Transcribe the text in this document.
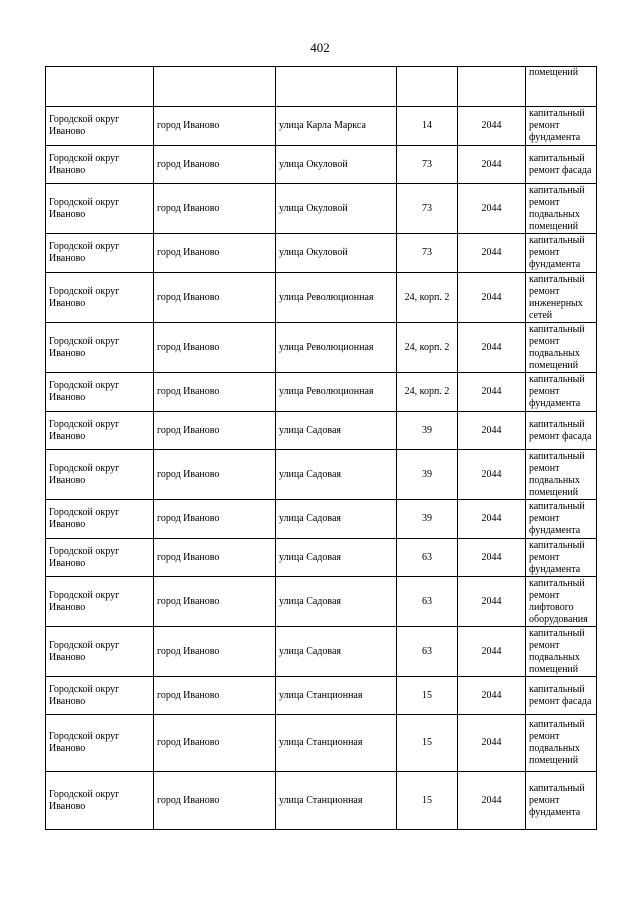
402
					помещений
Городской округ Иваново	город Иваново	улица Карла Маркса	14	2044	капитальный ремонт фундамента
Городской округ Иваново	город Иваново	улица Окуловой	73	2044	капитальный ремонт фасада
Городской округ Иваново	город Иваново	улица Окуловой	73	2044	капитальный ремонт подвальных помещений
Городской округ Иваново	город Иваново	улица Окуловой	73	2044	капитальный ремонт фундамента
Городской округ Иваново	город Иваново	улица Революционная	24, корп. 2	2044	капитальный ремонт инженерных сетей
Городской округ Иваново	город Иваново	улица Революционная	24, корп. 2	2044	капитальный ремонт подвальных помещений
Городской округ Иваново	город Иваново	улица Революционная	24, корп. 2	2044	капитальный ремонт фундамента
Городской округ Иваново	город Иваново	улица Садовая	39	2044	капитальный ремонт фасада
Городской округ Иваново	город Иваново	улица Садовая	39	2044	капитальный ремонт подвальных помещений
Городской округ Иваново	город Иваново	улица Садовая	39	2044	капитальный ремонт фундамента
Городской округ Иваново	город Иваново	улица Садовая	63	2044	капитальный ремонт фундамента
Городской округ Иваново	город Иваново	улица Садовая	63	2044	капитальный ремонт лифтового оборудования
Городской округ Иваново	город Иваново	улица Садовая	63	2044	капитальный ремонт подвальных помещений
Городской округ Иваново	город Иваново	улица Станционная	15	2044	капитальный ремонт фасада
Городской округ Иваново	город Иваново	улица Станционная	15	2044	капитальный ремонт подвальных помещений
Городской округ Иваново	город Иваново	улица Станционная	15	2044	капитальный ремонт фундамента
